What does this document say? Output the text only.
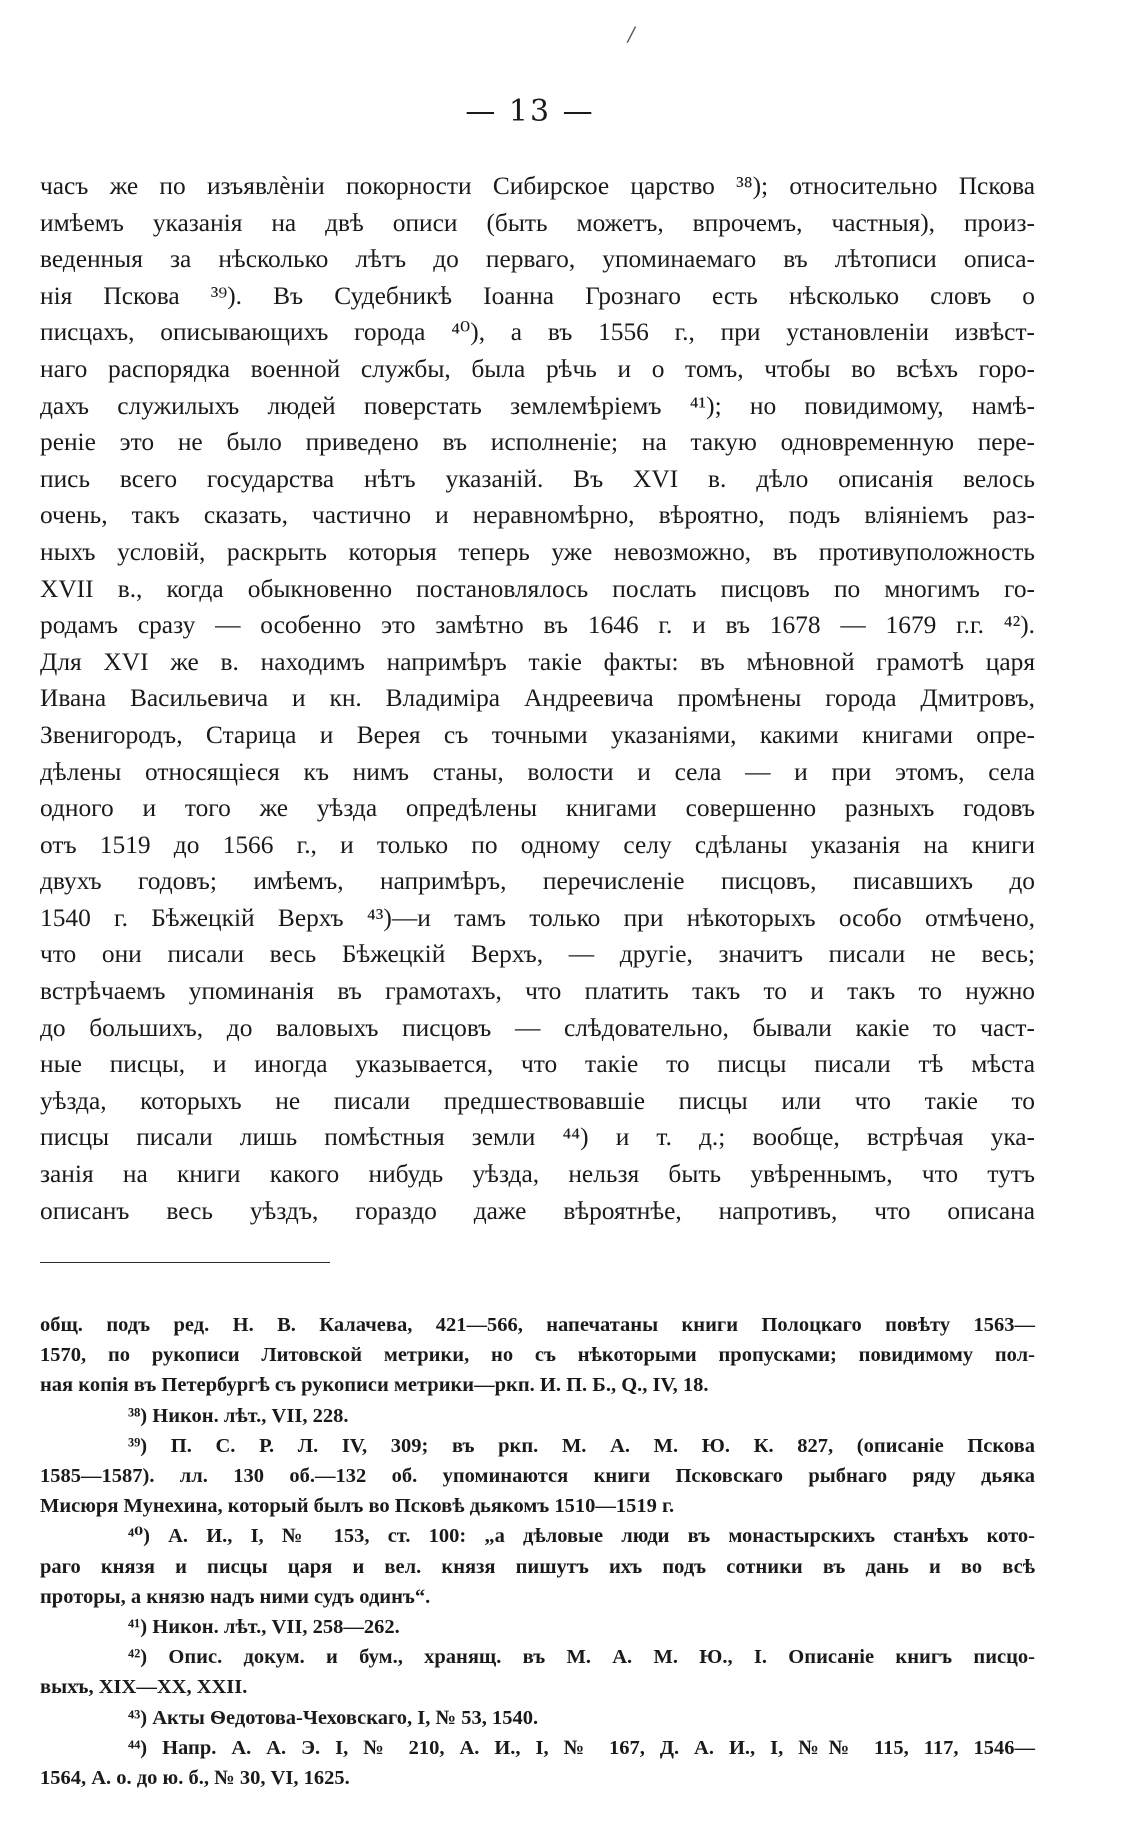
/
— 13 —
часъ же по изъявлѐніи покорности Сибирское царство ³⁸); относительно Пскова
имѣемъ указанія на двѣ описи (быть можетъ, впрочемъ, частныя), произ-
веденныя за нѣсколько лѣтъ до перваго, упоминаемаго въ лѣтописи описа-
нія Пскова ³⁹). Въ Судебникѣ Іоанна Грознаго есть нѣсколько словъ о
писцахъ, описывающихъ города ⁴⁰), а въ 1556 г., при установленіи извѣст-
наго распорядка военной службы, была рѣчь и о томъ, чтобы во всѣхъ горо-
дахъ служилыхъ людей поверстать землемѣріемъ ⁴¹); но повидимому, намѣ-
реніе это не было приведено въ исполненіе; на такую одновременную пере-
пись всего государства нѣтъ указаній. Въ XVI в. дѣло описанія велось
очень, такъ сказать, частично и неравномѣрно, вѣроятно, подъ вліяніемъ раз-
ныхъ условій, раскрыть которыя теперь уже невозможно, въ противуположность
XVII в., когда обыкновенно постановлялось послать писцовъ по многимъ го-
родамъ сразу — особенно это замѣтно въ 1646 г. и въ 1678 — 1679 г.г. ⁴²).
Для XVI же в. находимъ напримѣръ такіе факты: въ мѣновной грамотѣ царя
Ивана Васильевича и кн. Владиміра Андреевича промѣнены города Дмитровъ,
Звенигородъ, Старица и Верея съ точными указаніями, какими книгами опре-
дѣлены относящіеся къ нимъ станы, волости и села — и при этомъ, села
одного и того же уѣзда опредѣлены книгами совершенно разныхъ годовъ
отъ 1519 до 1566 г., и только по одному селу сдѣланы указанія на книги
двухъ годовъ; имѣемъ, напримѣръ, перечисленіе писцовъ, писавшихъ до
1540 г. Бѣжецкій Верхъ ⁴³)—и тамъ только при нѣкоторыхъ особо отмѣчено,
что они писали весь Бѣжецкій Верхъ, — другіе, значитъ писали не весь;
встрѣчаемъ упоминанія въ грамотахъ, что платить такъ то и такъ то нужно
до большихъ, до валовыхъ писцовъ — слѣдовательно, бывали какіе то част-
ные писцы, и иногда указывается, что такіе то писцы писали тѣ мѣста
уѣзда, которыхъ не писали предшествовавшіе писцы или что такіе то
писцы писали лишь помѣстныя земли ⁴⁴) и т. д.; вообще, встрѣчая ука-
занія на книги какого нибудь уѣзда, нельзя быть увѣреннымъ, что тутъ
описанъ весь уѣздъ, гораздо даже вѣроятнѣе, напротивъ, что описана
общ. подъ ред. Н. В. Калачева, 421—566, напечатаны книги Полоцкаго повѣту 1563—
1570, по рукописи Литовской метрики, но съ нѣкоторыми пропусками; повидимому пол-
ная копія въ Петербургѣ съ рукописи метрики—ркп. И. П. Б., Q., IV, 18.
³⁸) Никон. лѣт., VII, 228.
³⁹) П. С. Р. Л. IV, 309; въ ркп. М. А. М. Ю. К. 827, (описаніе Пскова
1585—1587). лл. 130 об.—132 об. упоминаются книги Псковскаго рыбнаго ряду дьяка
Мисюря Мунехина, который былъ во Псковѣ дьякомъ 1510—1519 г.
⁴⁰) А. И., I, № 153, ст. 100: „а дѣловые люди въ монастырскихъ станѣхъ кото-
раго князя и писцы царя и вел. князя пишутъ ихъ подъ сотники въ дань и во всѣ
проторы, а князю надъ ними судъ одинъ“.
⁴¹) Никон. лѣт., VII, 258—262.
⁴²) Опис. докум. и бум., хранящ. въ М. А. М. Ю., I. Описаніе книгъ писцо-
выхъ, XIX—XX, XXII.
⁴³) Акты Ѳедотова-Чеховскаго, I, № 53, 1540.
⁴⁴) Напр. А. А. Э. I, № 210, А. И., I, № 167, Д. А. И., I, №№ 115, 117, 1546—
1564, А. о. до ю. б., № 30, VI, 1625.
